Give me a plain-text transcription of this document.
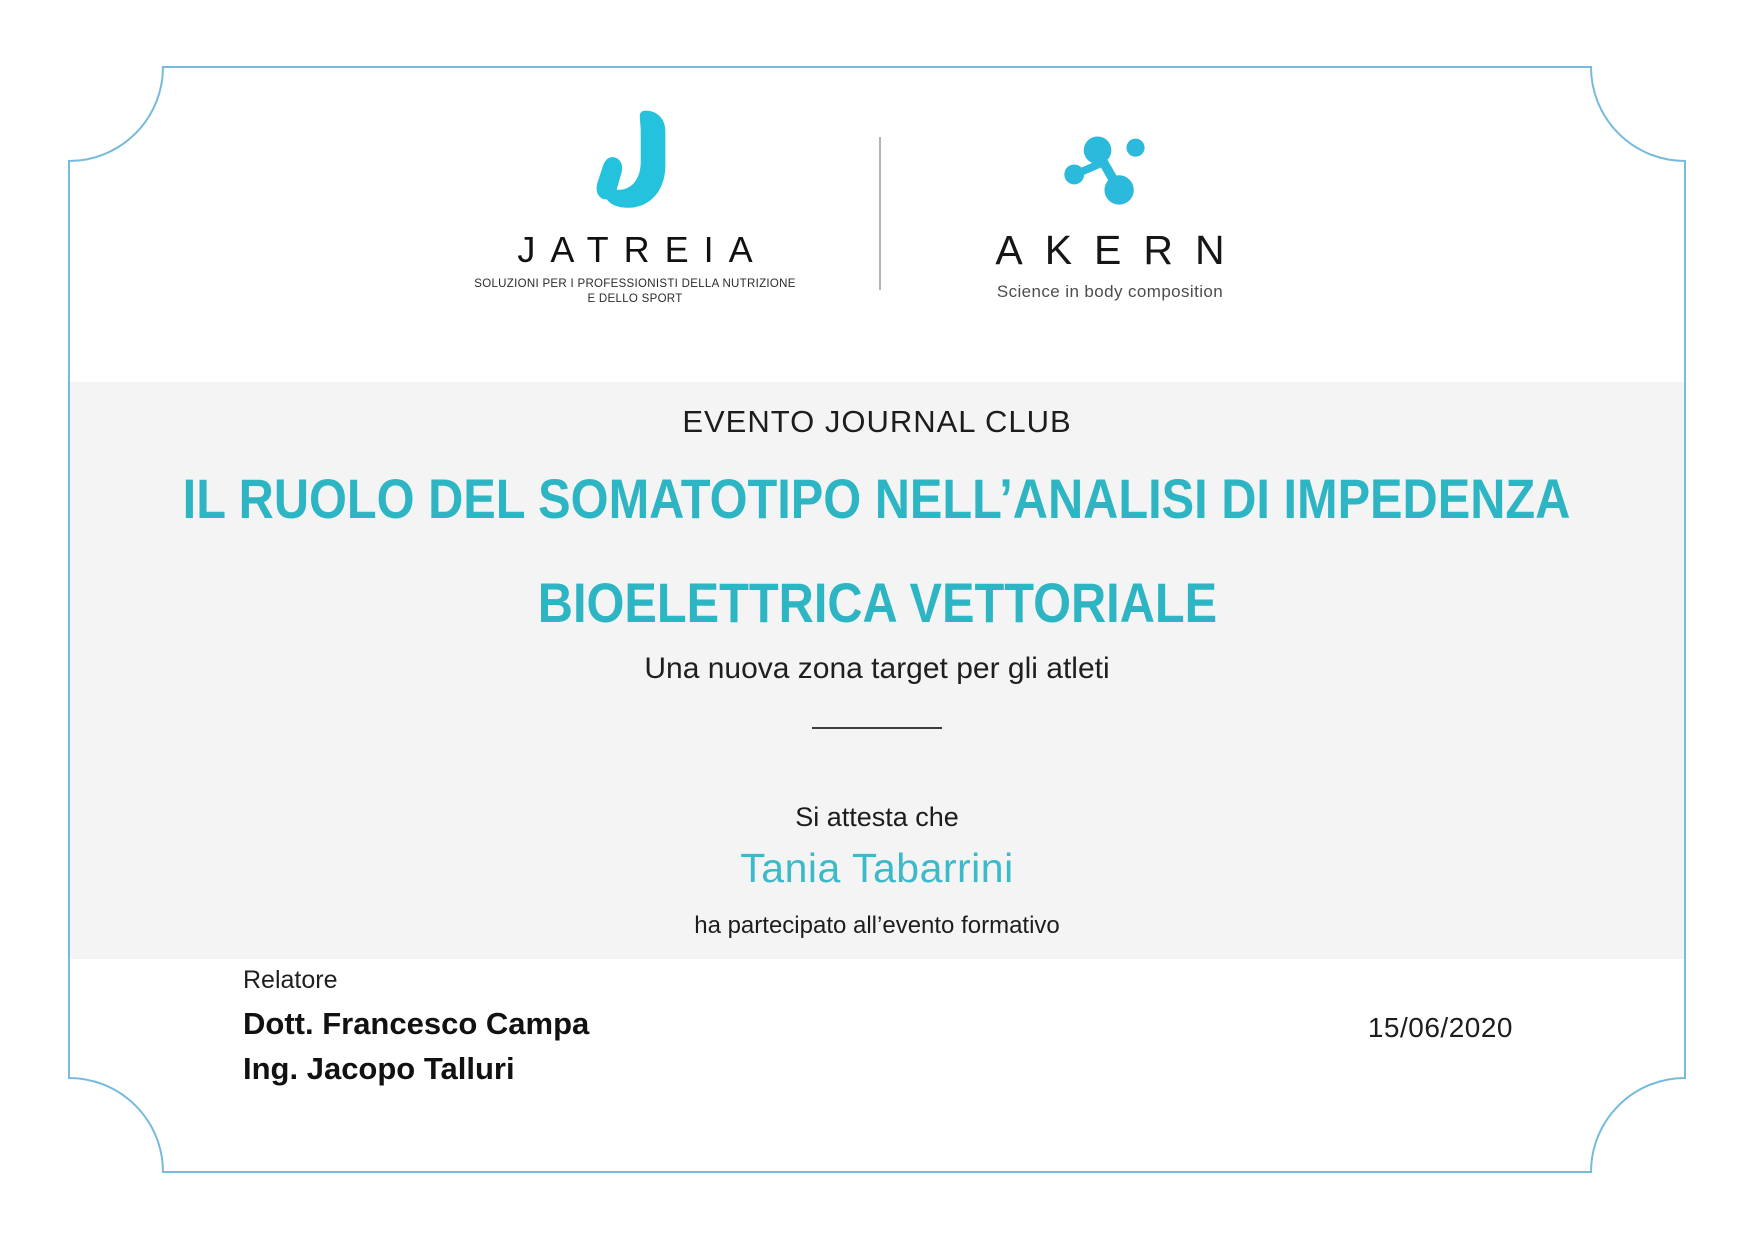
JATREIA
SOLUZIONI PER I PROFESSIONISTI DELLA NUTRIZIONE
E DELLO SPORT
AKERN
Science in body composition
EVENTO JOURNAL CLUB
IL RUOLO DEL SOMATOTIPO NELL’ANALISI DI IMPEDENZA
BIOELETTRICA VETTORIALE
Una nuova zona target per gli atleti
Si attesta che
Tania Tabarrini
ha partecipato all’evento formativo
Relatore
Dott. Francesco Campa
Ing. Jacopo Talluri
15/06/2020
